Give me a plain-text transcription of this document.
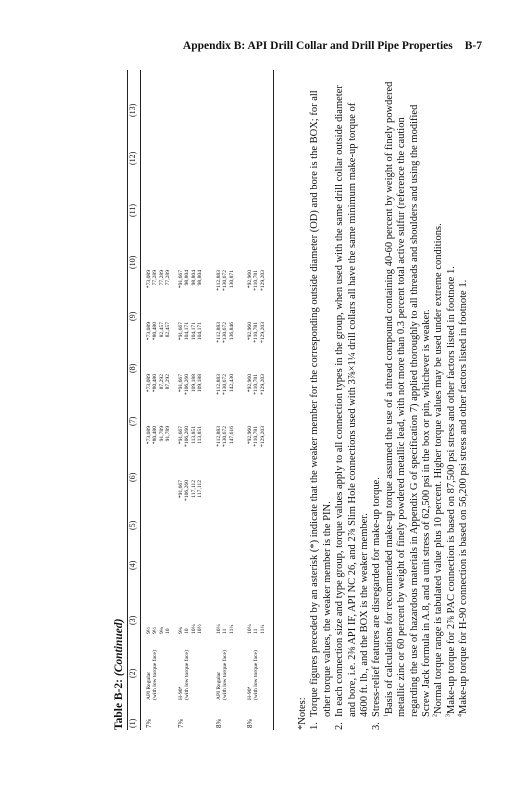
Appendix B: API Drill Collar and Drill Pipe Properties B-7
Table B-2: (Continued)
(1)
(2)
(3)
(4)
(5)
(6)
(7)
(8)
(9)
(10)
(11)
(12)
(13)
7⅝
API Regular (with low torque face)
9½ 9½ 9¾ 10

*73,089 *80,480 91,789 91,789
*73,089 *80,480 87,292 87,292
*73,089 *80,480 82,457 82,457
*73,089 77,289 77,289 77,289
7⅝
H-90⁴ (with low torque face)
9¾ 10 10¼ 10½
*91,667 *106,260 117,112 117,112
*91,667 *106,260 113,851 113,851
*91,667 *106,260 109,188 109,188
*91,667 104,171 104,171 104,171
*91,667 98,804 98,804 98,804
8⅝
API Regular (with low torque face)
10¼ 11 11¼

*112,883 *130,672 147,616
*112,883 *130,672 142,430
*112,883 *130,672 136,846
*112,883 *130,672 130,871
8⅝
H-90⁴ (with low torque face)
10¼ 11 11¼

*92,960 *110,781 *129,203
*92,960 *110,781 *129,203
*92,960 *110,781 *129,203
*92,960 *110,781 *129,203
*Notes: 1.
Torque figures preceded by an asterisk (*) indicate that the weaker member for the corresponding outside diameter (OD) and bore is the BOX; for all other torque values, the weaker member is the PIN.
2.
In each connection size and type group, torque values apply to all connection types in the group, when used with the same drill collar outside diameter and bore, i.e. 2⅜ API IF, API NC 26, and 2⅞ Slim Hole connections used with 3⅞×1¼ drill collars all have the same minimum make-up torque of 4600 ft. lb., and the BOX is the weaker member.
3.
Stress-relief features are disregarded for make-up torque. $^1$Basis of calculations for recommended make-up torque assumed the use of a thread compound containing 40-60 percent by weight of finely powdered metallic zinc or 60 percent by weight of finely powdered metallic lead, with not more than 0.3 percent total active sulfur (reference the caution regarding the use of hazardous materials in Appendix G of specification 7) applied thoroughly to all threads and shoulders and using the modified Screw Jack formula in A.8, and a unit stress of 62,500 psi in the box or pin, whichever is weaker. $^2$Normal torque range is tabulated value plus 10 percent. Higher torque values may be used under extreme conditions.
$^3$Make-up torque for 2⅞ PAC connection is based on 87,500 psi stress and other factors listed in footnote 1.
$^4$Make-up torque for H-90 connection is based on 56,200 psi stress and other factors listed in footnote 1.
